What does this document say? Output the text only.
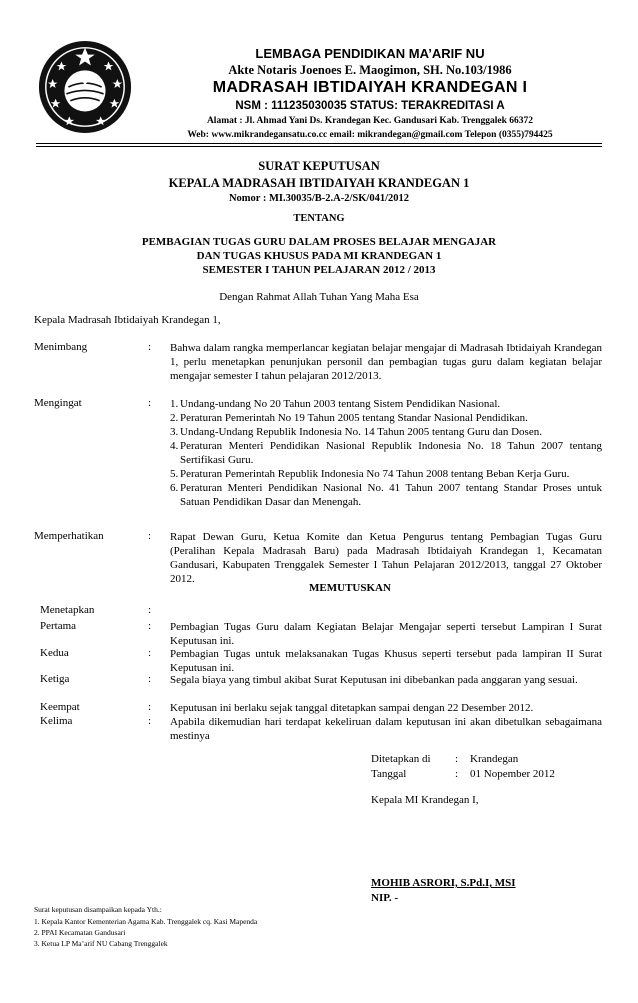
LEMBAGA PENDIDIKAN MA’ARIF NU
Akte Notaris Joenoes E. Maogimon, SH. No.103/1986
MADRASAH IBTIDAIYAH KRANDEGAN I
NSM : 111235030035 STATUS: TERAKREDITASI A
Alamat : Jl. Ahmad Yani Ds. Krandegan Kec. Gandusari Kab. Trenggalek 66372
Web: www.mikrandegansatu.co.cc email: mikrandegan@gmail.com Telepon (0355)794425
SURAT KEPUTUSAN
KEPALA MADRASAH IBTIDAIYAH KRANDEGAN 1
Nomor : MI.30035/B-2.A-2/SK/041/2012
TENTANG
PEMBAGIAN TUGAS GURU DALAM PROSES BELAJAR MENGAJAR
DAN TUGAS KHUSUS PADA MI KRANDEGAN 1
SEMESTER I TAHUN PELAJARAN 2012 / 2013
Dengan Rahmat Allah Tuhan Yang Maha Esa
Kepala Madrasah Ibtidaiyah Krandegan 1,
Menimbang	: Bahwa dalam rangka memperlancar kegiatan belajar mengajar di Madrasah Ibtidaiyah Krandegan 1, perlu menetapkan penunjukan personil dan pembagian tugas guru dalam kegiatan belajar mengajar semester I tahun pelajaran 2012/2013.
Mengingat	: 1. Undang-undang No 20 Tahun 2003 tentang Sistem Pendidikan Nasional.
2. Peraturan Pemerintah No 19 Tahun 2005 tentang Standar Nasional Pendidikan.
3. Undang-Undang Republik Indonesia No. 14 Tahun 2005 tentang Guru dan Dosen.
4. Peraturan Menteri Pendidikan Nasional Republik Indonesia No. 18 Tahun 2007 tentang Sertifikasi Guru.
5. Peraturan Pemerintah Republik Indonesia No 74 Tahun 2008 tentang Beban Kerja Guru.
6. Peraturan Menteri Pendidikan Nasional No. 41 Tahun 2007 tentang Standar Proses untuk Satuan Pendidikan Dasar dan Menengah.
Memperhatikan	: Rapat Dewan Guru, Ketua Komite dan Ketua Pengurus tentang Pembagian Tugas Guru (Peralihan Kepala Madrasah Baru) pada Madrasah Ibtidaiyah Krandegan 1, Kecamatan Gandusari, Kabupaten Trenggalek Semester I Tahun Pelajaran 2012/2013, tanggal 27 Oktober 2012.
MEMUTUSKAN
Menetapkan	:
Pertama	: Pembagian Tugas Guru dalam Kegiatan Belajar Mengajar seperti tersebut Lampiran I Surat Keputusan ini.
Kedua	: Pembagian Tugas untuk melaksanakan Tugas Khusus seperti tersebut pada lampiran II Surat Keputusan ini.
Ketiga	: Segala biaya yang timbul akibat Surat Keputusan ini dibebankan pada anggaran yang sesuai.
Keempat	: Keputusan ini berlaku sejak tanggal ditetapkan sampai dengan 22 Desember 2012.
Kelima	: Apabila dikemudian hari terdapat kekeliruan dalam keputusan ini akan dibetulkan sebagaimana mestinya
Ditetapkan di : Krandegan
Tanggal	: 01 Nopember 2012
Kepala MI Krandegan I,
MOHIB ASRORI, S.Pd.I, MSI
NIP. -
Surat keputusan disampaikan kepada Yth.:
1. Kepala Kantor Kementerian Agama Kab. Trenggalek cq. Kasi Mapenda
2. PPAI Kecamatan Gandusari
3. Ketua LP Ma’arif NU Cabang Trenggalek
